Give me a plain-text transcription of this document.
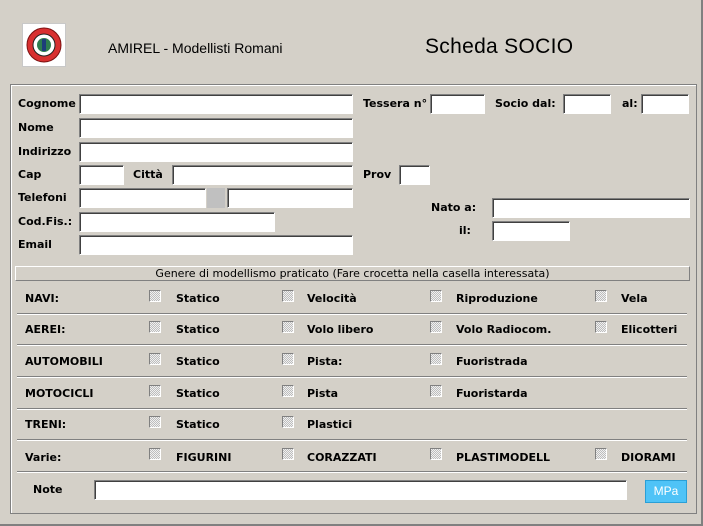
AMIREL - Modellisti Romani	Scheda SOCIO
Cognome
Nome
Indirizzo
Cap	Città
Telefoni
Cod.Fis.:
Email
Tessera n°	Socio dal:	al:
Prov
Nato a:
il:
Genere di modellismo praticato (Fare crocetta nella casella interessata)
NAVI:	Statico	Velocità	Riproduzione	Vela
AEREI:	Statico	Volo libero	Volo Radiocom.	Elicotteri
AUTOMOBILI	Statico	Pista:	Fuoristrada
MOTOCICLI	Statico	Pista	Fuoristarda
TRENI:	Statico	Plastici
Varie:	FIGURINI	CORAZZATI	PLASTIMODELL	DIORAMI
Note	MPa
